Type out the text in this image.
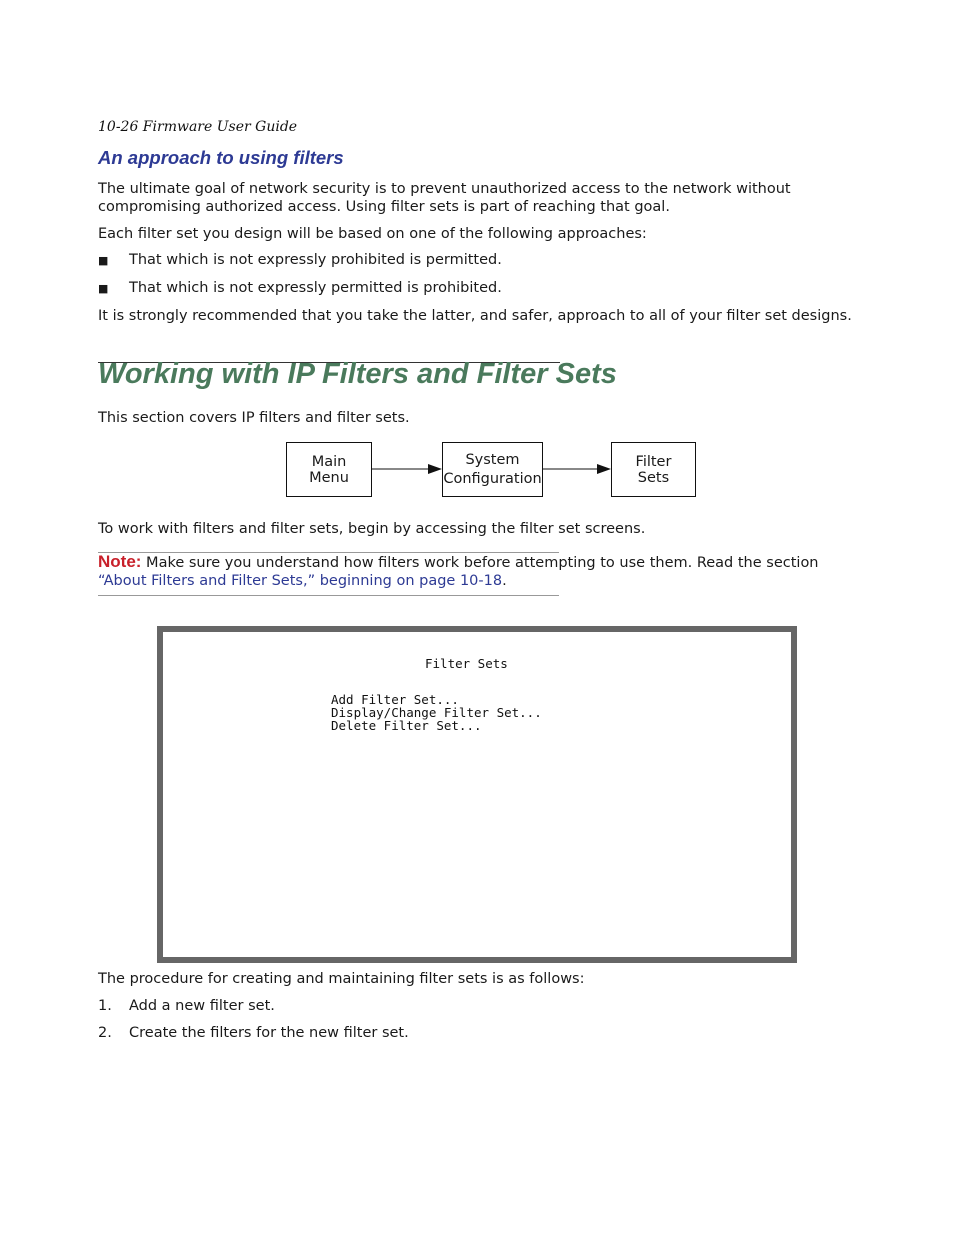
10-26 Firmware User Guide
An approach to using filters
The ultimate goal of network security is to prevent unauthorized access to the network without compromising authorized access. Using filter sets is part of reaching that goal.
Each filter set you design will be based on one of the following approaches:
■ That which is not expressly prohibited is permitted.
■ That which is not expressly permitted is prohibited.
It is strongly recommended that you take the latter, and safer, approach to all of your filter set designs.
Working with IP Filters and Filter Sets
This section covers IP filters and filter sets.
Main
Menu
System
Configuration
Filter
Sets
To work with filters and filter sets, begin by accessing the filter set screens.
Note: Make sure you understand how filters work before attempting to use them. Read the section “About Filters and Filter Sets,” beginning on page 10-18.
Filter Sets
Add Filter Set...
Display/Change Filter Set...
Delete Filter Set...
The procedure for creating and maintaining filter sets is as follows:
1.	Add a new filter set.
2.	Create the filters for the new filter set.
